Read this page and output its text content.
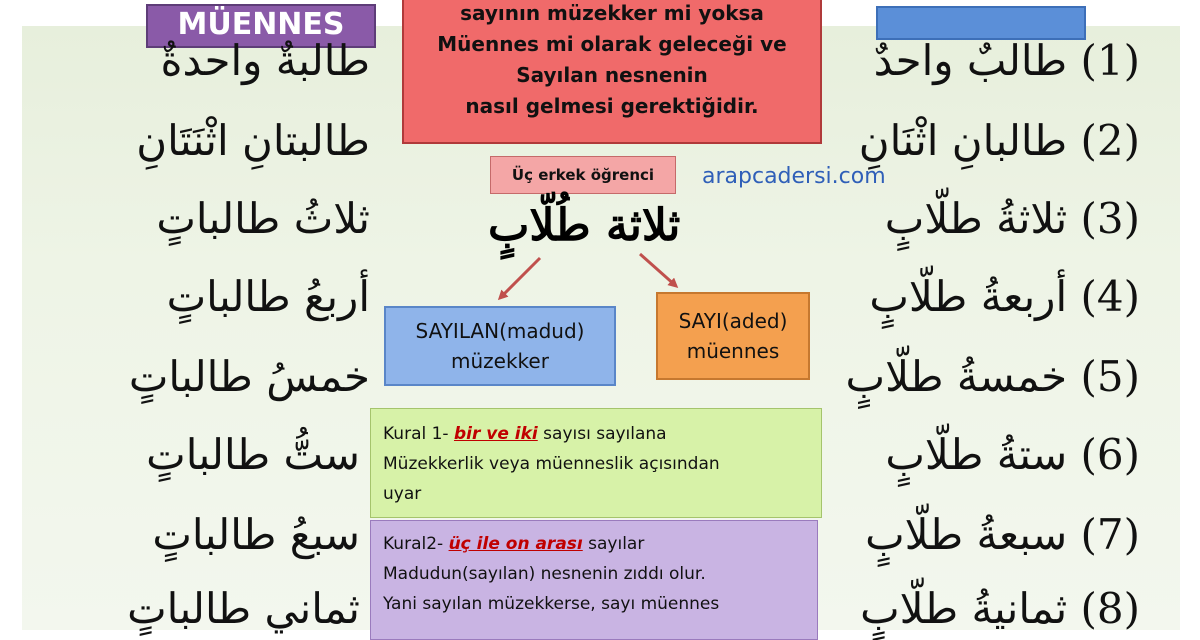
MÜENNES
(1) طالبٌ واحدٌ
(2) طالبانِ اثْنَانِ
(3) ثلاثةُ طلّابٍ
(4) أربعةُ طلّابٍ
(5) خمسةُ طلّابٍ
(6) ستةُ طلّابٍ
(7) سبعةُ طلّابٍ
(8) ثمانيةُ طلّابٍ
طالبةٌ واحدةٌ
طالبتانِ اثْنَتَانِ
ثلاثُ طالباتٍ
أربعُ طالباتٍ
خمسُ طالباتٍ
ستُّ طالباتٍ
سبعُ طالباتٍ
ثماني طالباتٍ
sayının müzekker mi yoksa
Müennes mi olarak geleceği ve
Sayılan nesnenin
nasıl gelmesi gerektiğidir.
Üç erkek öğrenci	arapcadersi.com
ثلاثة طُلّابٍ
SAYILAN(madud)
müzekker
SAYI(aded)
müennes
Kural 1- bir ve iki sayısı sayılana
Müzekkerlik veya müenneslik açısından
uyar
Kural2- üç ile on arası sayılar
Madudun(sayılan) nesnenin zıddı olur.
Yani sayılan müzekkerse, sayı müennes
